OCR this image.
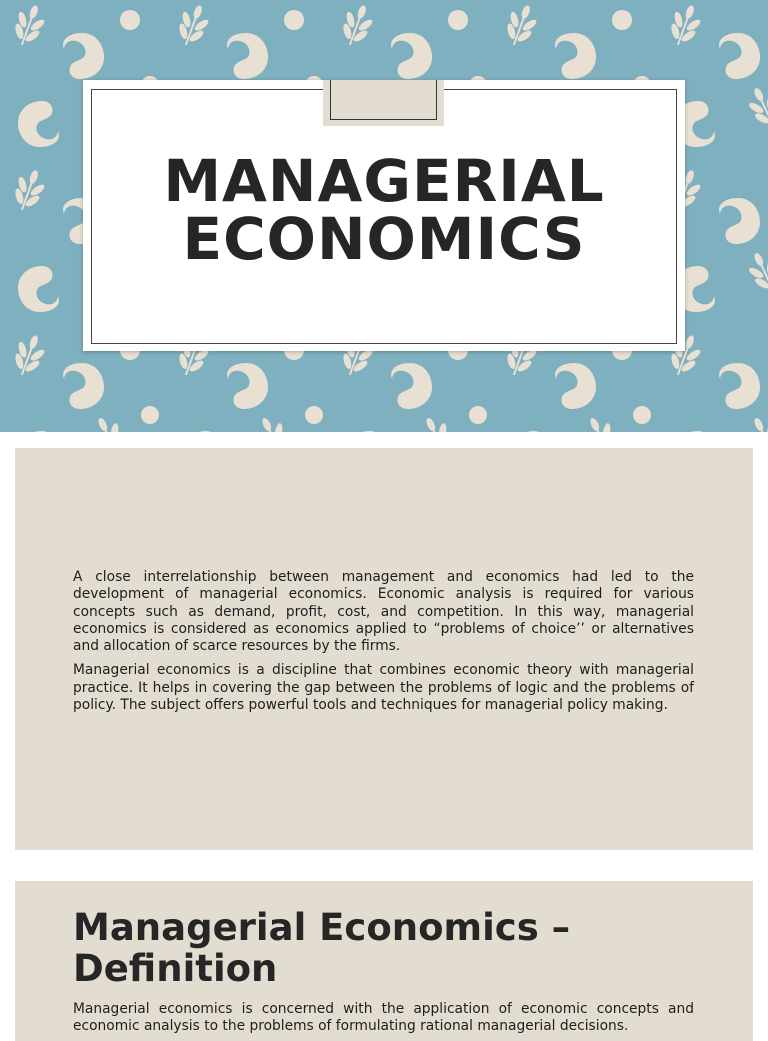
MANAGERIAL
ECONOMICS

A close interrelationship between management and economics had led to the development of managerial economics. Economic analysis is required for various concepts such as demand, profit, cost, and competition. In this way, managerial economics is considered as economics applied to “problems of choice’’ or alternatives and allocation of scarce resources by the firms.

Managerial economics is a discipline that combines economic theory with managerial practice. It helps in covering the gap between the problems of logic and the problems of policy. The subject offers powerful tools and techniques for managerial policy making.

Managerial Economics – Definition

Managerial economics is concerned with the application of economic concepts and economic analysis to the problems of formulating rational managerial decisions.
